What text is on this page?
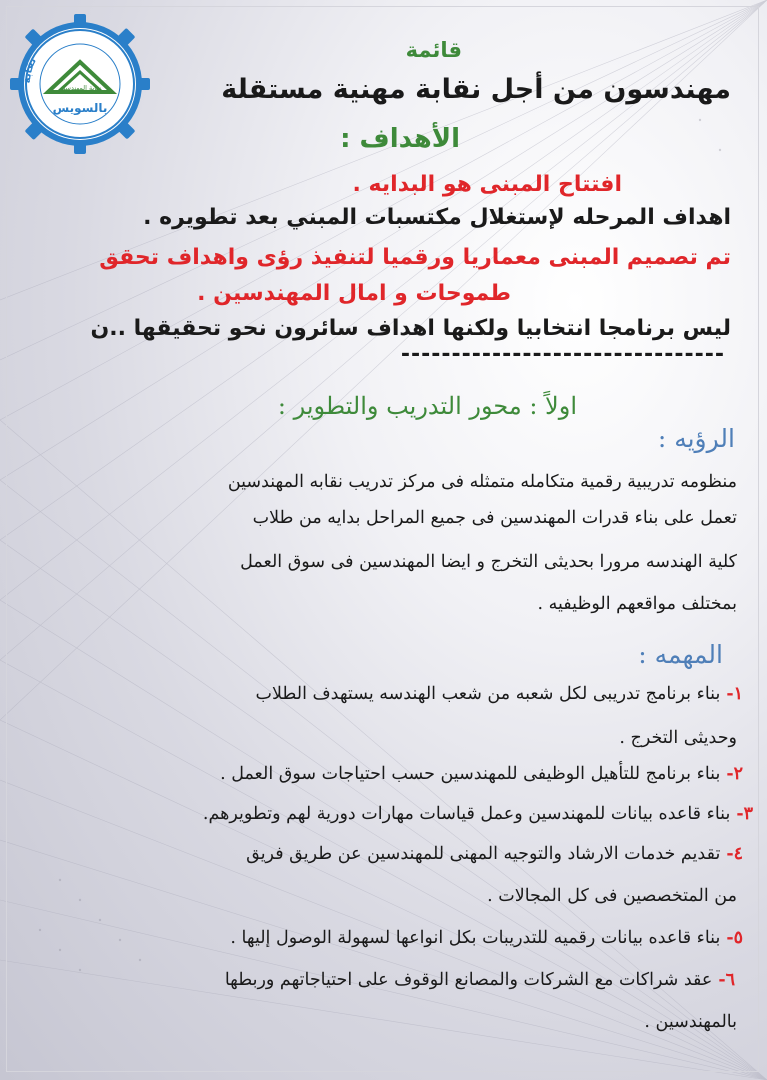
نقابة
نقابة المهندسين
بالسويس

قائمة

مهندسون من أجل نقابة مهنية مستقلة

الأهداف :

افتتاح المبنى هو البدايه .

اهداف المرحله لإستغلال مكتسبات المبني بعد تطويره .

تم تصميم المبنى معماريا ورقميا لتنفيذ رؤى واهداف تحقق

طموحات و امال المهندسين .

ليس برنامجا انتخابيا ولكنها اهداف سائرون نحو تحقيقها ..ن

--------------------------------

اولاً : محور التدريب والتطوير :

الرؤيه :

منظومه تدريبية رقمية متكامله متمثله فى مركز تدريب نقابه المهندسين

تعمل على بناء قدرات المهندسين فى جميع المراحل بدايه من طلاب

كلية الهندسه مرورا بحديثى التخرج و ايضا المهندسين فى سوق العمل

بمختلف مواقعهم الوظيفيه .

المهمه :

١-بناء برنامج تدريبى لكل شعبه من شعب الهندسه يستهدف الطلاب

وحديثى التخرج .

٢-بناء برنامج للتأهيل الوظيفى للمهندسين حسب احتياجات سوق العمل .

٣-بناء قاعده بيانات للمهندسين وعمل قياسات مهارات دورية لهم وتطويرهم.

٤-تقديم خدمات الارشاد والتوجيه المهنى للمهندسين عن طريق فريق

من المتخصصين فى كل المجالات .

٥-بناء قاعده بيانات رقميه للتدريبات بكل انواعها لسهولة الوصول إليها .

٦-عقد شراكات مع الشركات والمصانع الوقوف على احتياجاتهم وربطها

بالمهندسين .
